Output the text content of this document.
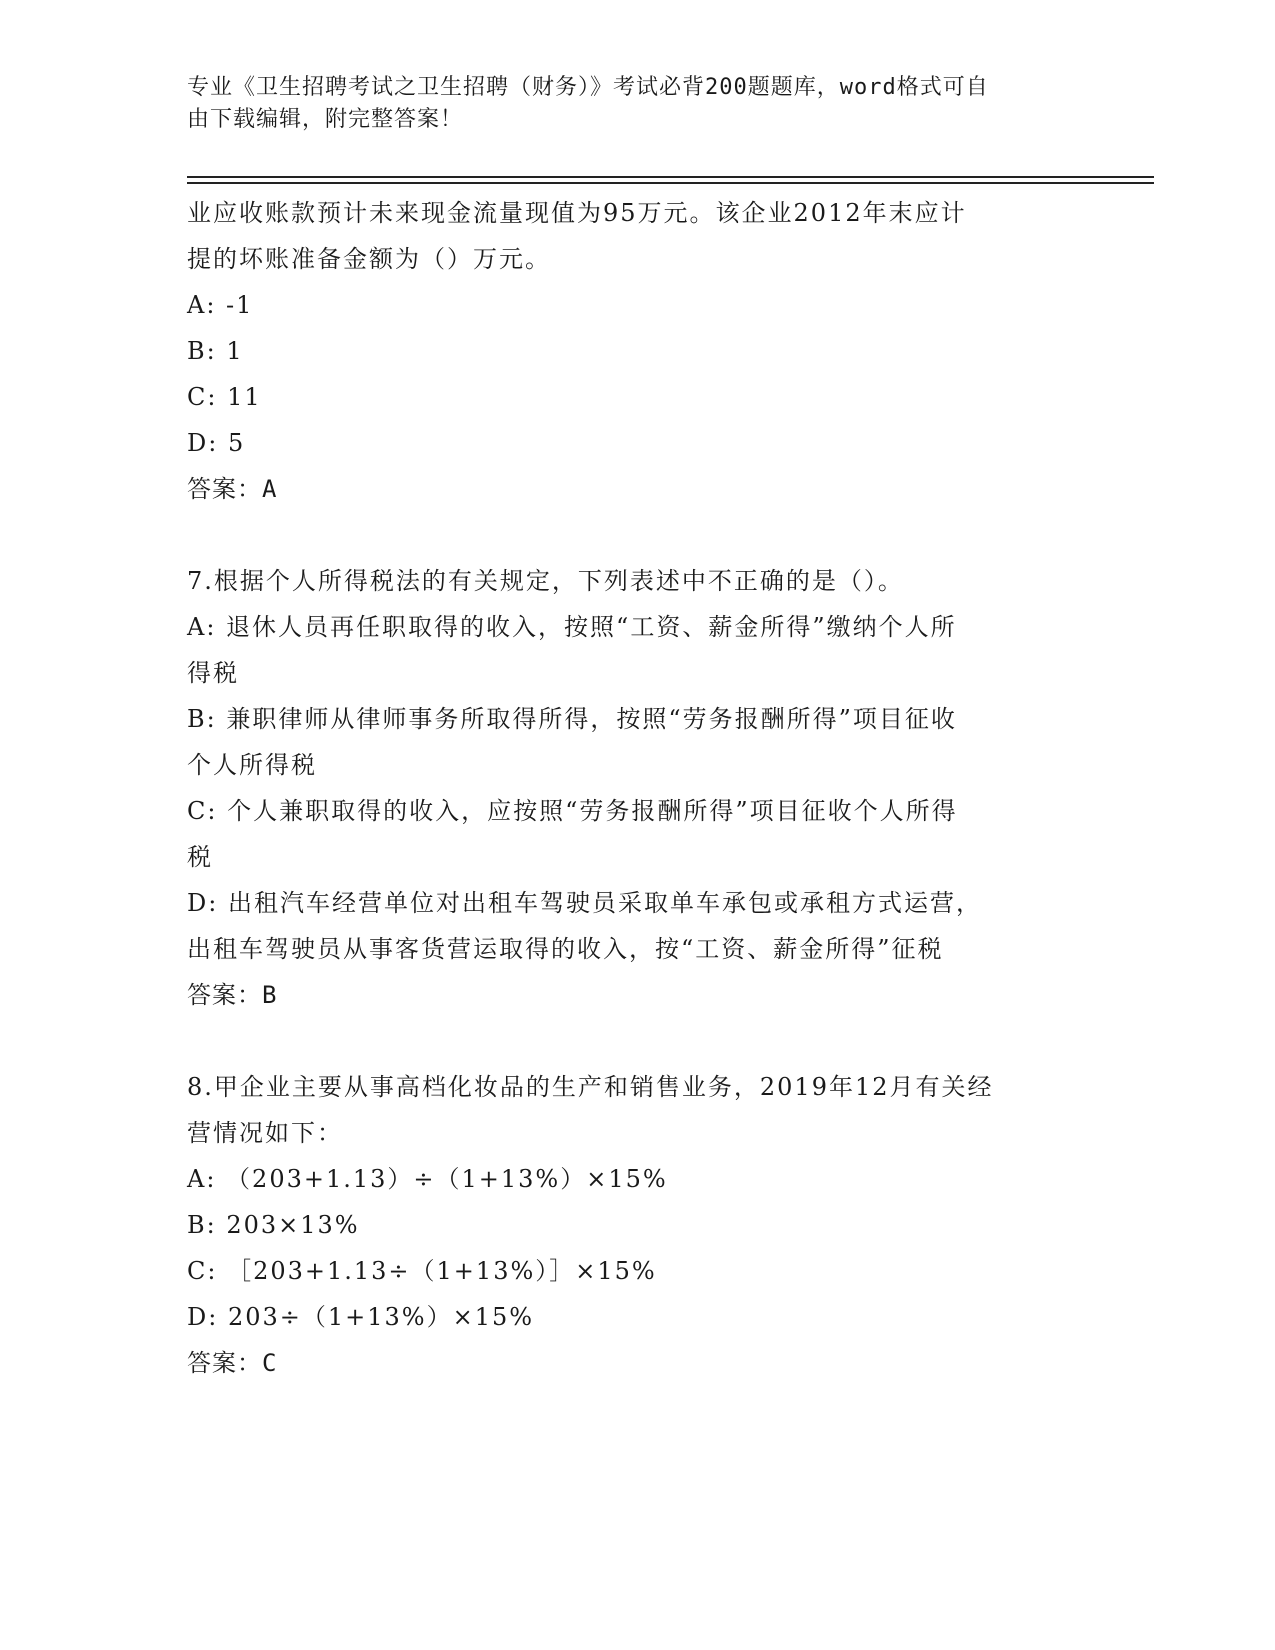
专业《卫生招聘考试之卫生招聘（财务）》考试必背200题题库，word格式可自
由下载编辑，附完整答案！
业应收账款预计未来现金流量现值为95万元。该企业2012年末应计
提的坏账准备金额为（）万元。
A: -1
B: 1
C: 11
D: 5
答案：A
7.根据个人所得税法的有关规定，下列表述中不正确的是（）。
A: 退休人员再任职取得的收入，按照“工资、薪金所得”缴纳个人所
得税
B: 兼职律师从律师事务所取得所得，按照“劳务报酬所得”项目征收
个人所得税
C: 个人兼职取得的收入，应按照“劳务报酬所得”项目征收个人所得
税
D: 出租汽车经营单位对出租车驾驶员采取单车承包或承租方式运营，
出租车驾驶员从事客货营运取得的收入，按“工资、薪金所得”征税
答案：B
8.甲企业主要从事高档化妆品的生产和销售业务，2019年12月有关经
营情况如下：
A: （203+1.13）÷（1+13%）×15%
B: 203×13%
C: ［203+1.13÷（1+13%）］×15%
D: 203÷（1+13%）×15%
答案：C
